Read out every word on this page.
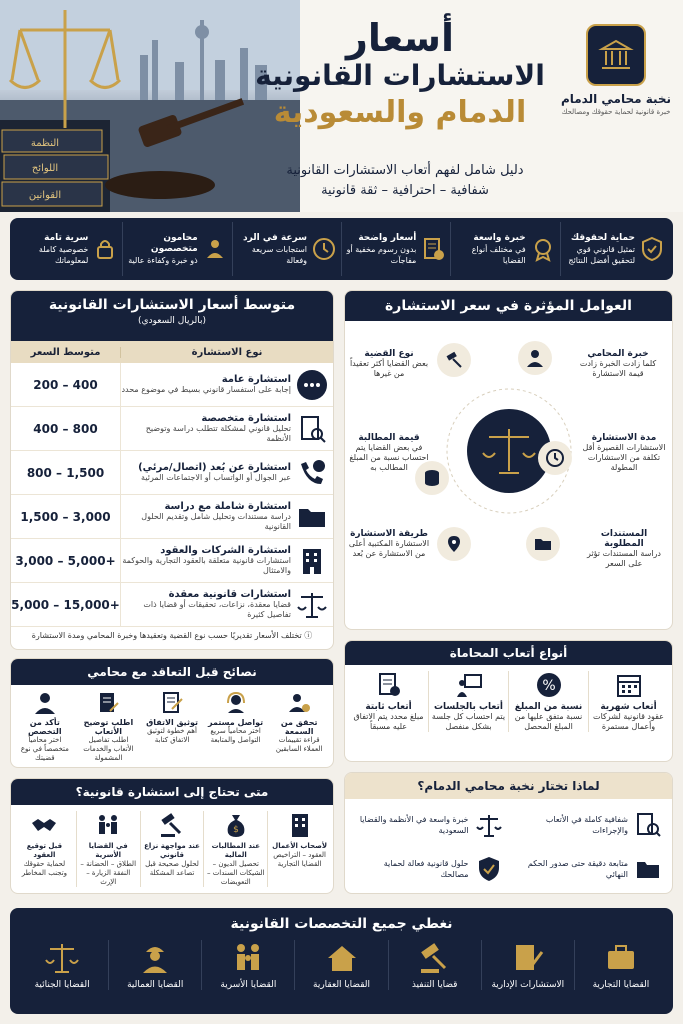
النظمة
اللوائح
القوانين
أسعار
الاستشارات القانونية
الدمام والسعودية
دليل شامل لفهم أتعاب الاستشارات القانونية
شفافية – احترافية – ثقة قانونية
نخبة محامي الدمام
خبرة قانونية لحماية حقوقك ومصالحك
حماية لحقوقك
تمثيل قانوني قوي لتحقيق أفضل النتائج
خبرة واسعة
في مختلف أنواع القضايا
أسعار واضحة
بدون رسوم مخفية أو مفاجآت
سرعة في الرد
استجابات سريعة وفعالة
محامون متخصصون
ذو خبرة وكفاءة عالية
سرية تامة
خصوصية كاملة لمعلوماتك
العوامل المؤثرة في سعر الاستشارة
خبرة المحامي
كلما زادت الخبرة زادت قيمة الاستشارة
نوع القضية
بعض القضايا أكثر تعقيداً من غيرها
مدة الاستشارة
الاستشارات القصيرة أقل تكلفة من الاستشارات المطولة
قيمة المطالبة
في بعض القضايا يتم احتساب نسبة من المبلغ المطالب به
المستندات المطلوبة
دراسة المستندات تؤثر على السعر
طريقة الاستشارة
الاستشارة المكتبية أعلى من الاستشارة عن بُعد
متوسط أسعار الاستشارات القانونية
(بالريال السعودي)
نوع الاستشارة
متوسط السعر
استشارة عامة
إجابة على استفسار قانوني بسيط في موضوع محدد
200 – 400
استشارة متخصصة
تحليل قانوني لمشكلة تتطلب دراسة وتوضيح الأنظمة
400 – 800
استشارة عن بُعد (اتصال/مرئي)
عبر الجوال أو الواتساب أو الاجتماعات المرئية
800 – 1,500
استشارة شاملة مع دراسة
دراسة مستندات وتحليل شامل وتقديم الحلول القانونية
1,500 – 3,000
استشارة الشركات والعقود
استشارات قانونية متعلقة بالعقود التجارية والحوكمة والامتثال
3,000 – 5,000+
استشارات قانونية معقدة
قضايا معقدة، نزاعات، تحقيقات أو قضايا ذات تفاصيل كثيرة
5,000 – 15,000+
ⓘ تختلف الأسعار تقديريًا حسب نوع القضية وتعقيدها وخبرة المحامي ومدة الاستشارة
أنواع أتعاب المحاماة
أتعاب شهرية
عقود قانونية لشركات وأعمال مستمرة
%
نسبة من المبلغ
نسبة متفق عليها من المبلغ المحصل
أتعاب بالجلسات
يتم احتساب كل جلسة بشكل منفصل
أتعاب ثابتة
مبلغ محدد يتم الاتفاق عليه مسبقاً
نصائح قبل التعاقد مع محامي
تحقق من السمعة
قراءة تقييمات العملاء السابقين
تواصل مستمر
اختر محامياً سريع التواصل والمتابعة
توثيق الاتفاق
أهم خطوة لتوثيق الاتفاق كتابة
اطلب توضيح الأتعاب
اطلب تفاصيل الأتعاب والخدمات المشمولة
تأكد من التخصص
اختر محامياً متخصصاً في نوع قضيتك
لماذا تختار نخبة محامي الدمام؟
شفافية كاملة في الأتعاب والإجراءات
خبرة واسعة في الأنظمة والقضايا السعودية
متابعة دقيقة حتى صدور الحكم النهائي
حلول قانونية فعالة لحماية مصالحك
متى تحتاج إلى استشارة قانونية؟
لأصحاب الأعمال
العقود – التراخيص القضايا التجارية
$
عند المطالبات المالية
تحصيل الديون – الشيكات السندات – التعويضات
عند مواجهة نزاع قانوني
لحلول صحيحة قبل تصاعد المشكلة
في القضايا الأسرية
الطلاق – الحضانة – النفقة الزيارة – الإرث
قبل توقيع العقود
لحماية حقوقك وتجنب المخاطر
نغطي جميع التخصصات القانونية
القضايا التجارية
الاستشارات الإدارية
قضايا التنفيذ
القضايا العقارية
القضايا الأسرية
القضايا العمالية
القضايا الجنائية
